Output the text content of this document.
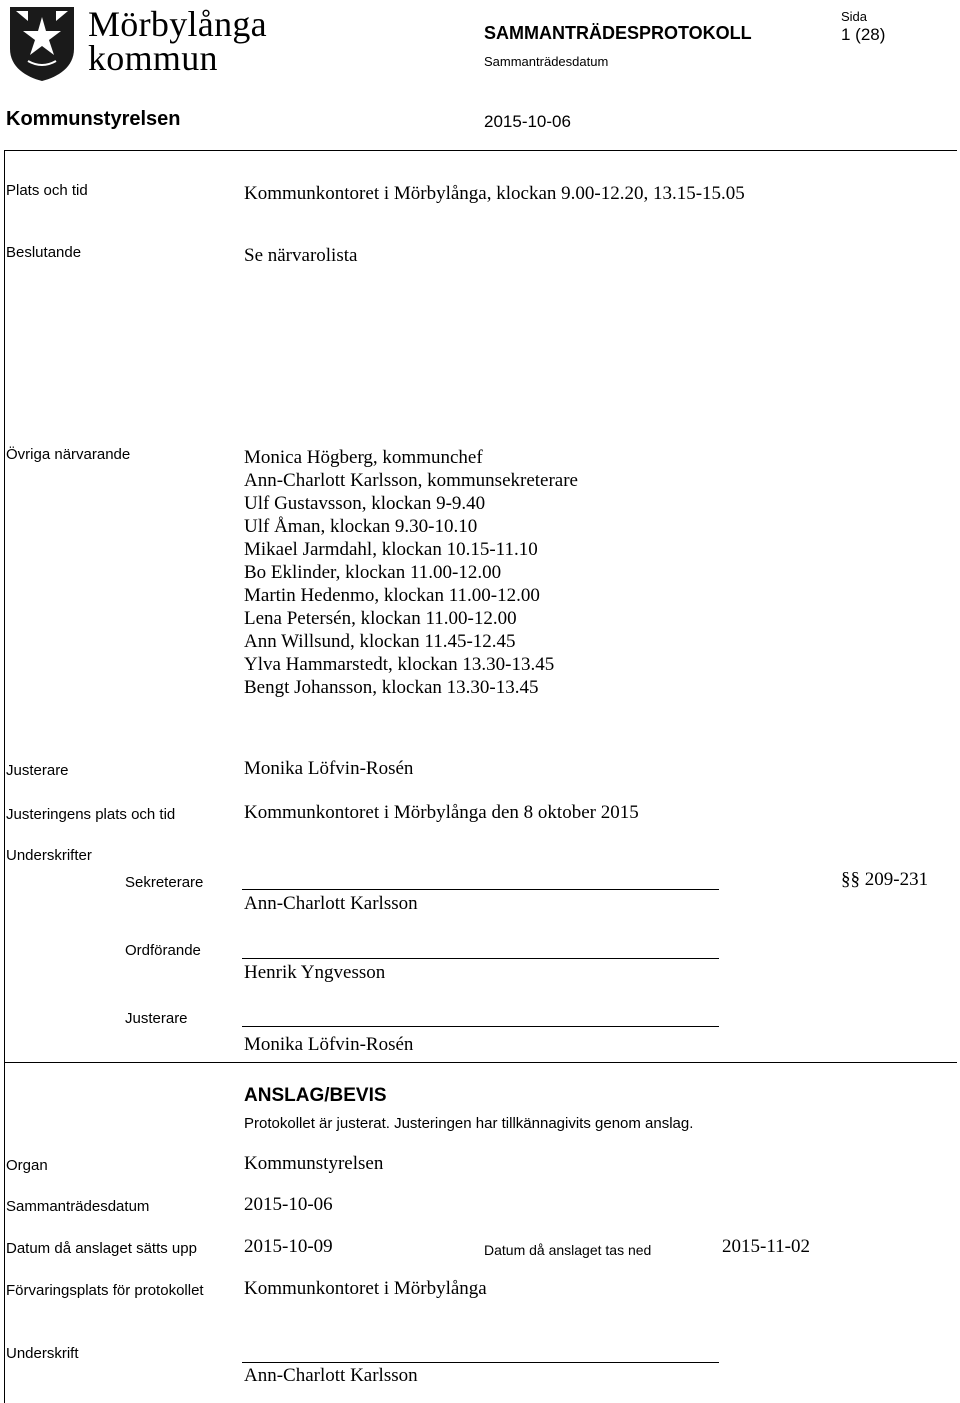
Mörbylånga
kommun
SAMMANTRÄDESPROTOKOLL
Sammanträdesdatum
Sida
1 (28)
Kommunstyrelsen	2015-10-06
Plats och tid	Kommunkontoret i Mörbylånga, klockan 9.00-12.20, 13.15-15.05
Beslutande	Se närvarolista
Övriga närvarande	Monica Högberg, kommunchef
Ann-Charlott Karlsson, kommunsekreterare
Ulf Gustavsson, klockan 9-9.40
Ulf Åman, klockan 9.30-10.10
Mikael Jarmdahl, klockan 10.15-11.10
Bo Eklinder, klockan 11.00-12.00
Martin Hedenmo, klockan 11.00-12.00
Lena Petersén, klockan 11.00-12.00
Ann Willsund, klockan 11.45-12.45
Ylva Hammarstedt, klockan 13.30-13.45
Bengt Johansson, klockan 13.30-13.45
Justerare	Monika Löfvin-Rosén
Justeringens plats och tid	Kommunkontoret i Mörbylånga den 8 oktober 2015
Underskrifter
Sekreterare
Ann-Charlott Karlsson
§§ 209-231
Ordförande
Henrik Yngvesson
Justerare
Monika Löfvin-Rosén
ANSLAG/BEVIS
Protokollet är justerat. Justeringen har tillkännagivits genom anslag.
Organ	Kommunstyrelsen
Sammanträdesdatum	2015-10-06
Datum då anslaget sätts upp 2015-10-09	Datum då anslaget tas ned	2015-11-02
Förvaringsplats för protokollet Kommunkontoret i Mörbylånga
Underskrift
Ann-Charlott Karlsson
